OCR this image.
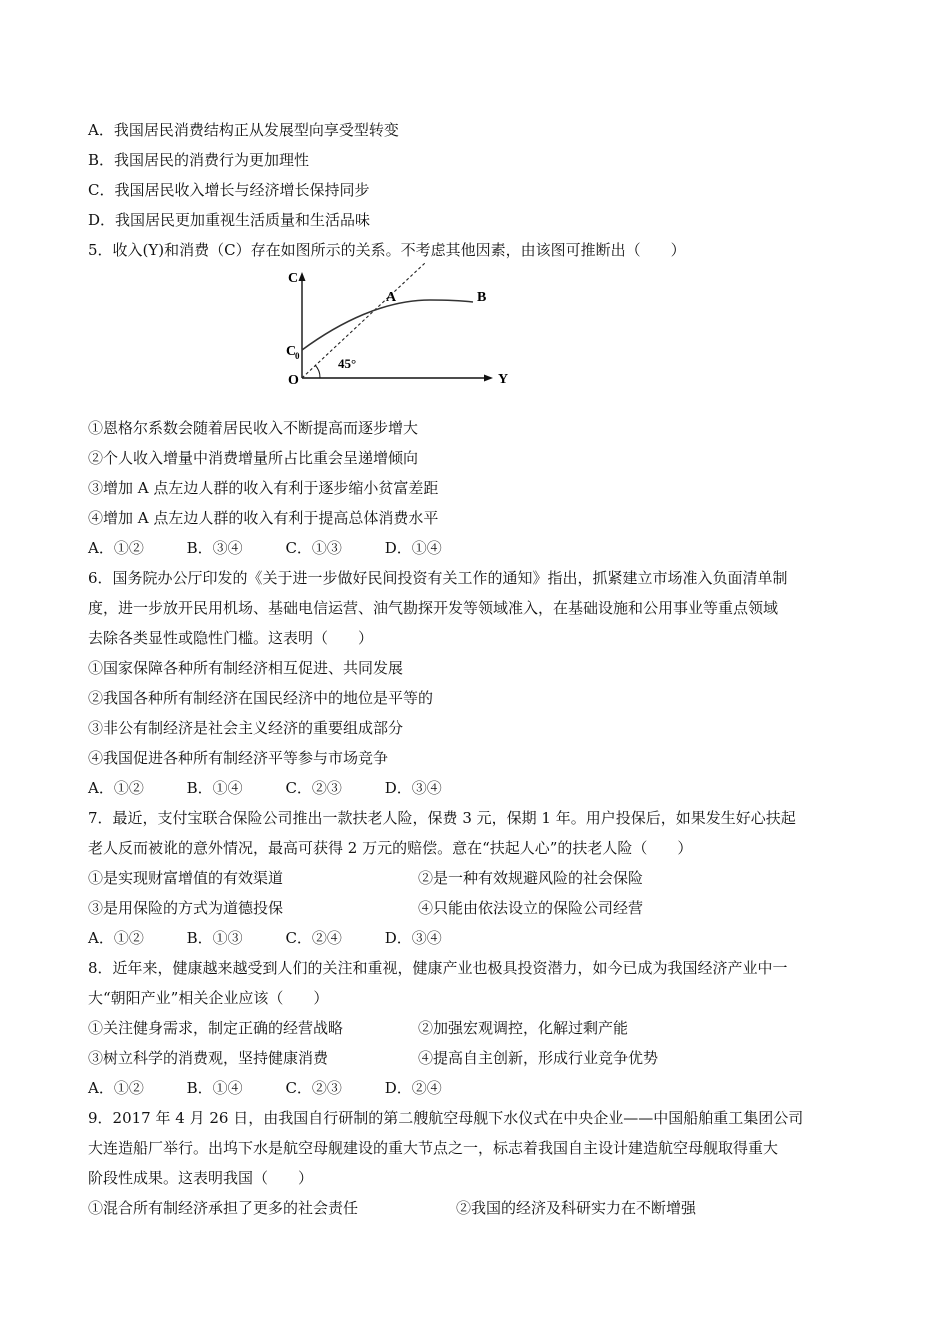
A．我国居民消费结构正从发展型向享受型转变
B．我国居民的消费行为更加理性
C．我国居民收入增长与经济增长保持同步
D．我国居民更加重视生活质量和生活品味
5．收入(Y)和消费（C）存在如图所示的关系。不考虑其他因素，由该图可推断出（　　）
C
Y
O
C
0
A	B
45°
①恩格尔系数会随着居民收入不断提高而逐步增大
②个人收入增量中消费增量所占比重会呈递增倾向
③增加 A 点左边人群的收入有利于逐步缩小贫富差距
④增加 A 点左边人群的收入有利于提高总体消费水平
A．①②	B．③④	C．①③	D．①④
6．国务院办公厅印发的《关于进一步做好民间投资有关工作的通知》指出，抓紧建立市场准入负面清单制
度，进一步放开民用机场、基础电信运营、油气勘探开发等领域准入，在基础设施和公用事业等重点领域
去除各类显性或隐性门槛。这表明（　　）
①国家保障各种所有制经济相互促进、共同发展
②我国各种所有制经济在国民经济中的地位是平等的
③非公有制经济是社会主义经济的重要组成部分
④我国促进各种所有制经济平等参与市场竞争
A．①②	B．①④	C．②③	D．③④
7．最近，支付宝联合保险公司推出一款扶老人险，保费 3 元，保期 1 年。用户投保后，如果发生好心扶起
老人反而被讹的意外情况，最高可获得 2 万元的赔偿。意在“扶起人心”的扶老人险（　　）
①是实现财富增值的有效渠道	②是一种有效规避风险的社会保险
③是用保险的方式为道德投保	④只能由依法设立的保险公司经营
A．①②	B．①③	C．②④	D．③④
8．近年来，健康越来越受到人们的关注和重视，健康产业也极具投资潜力，如今已成为我国经济产业中一
大“朝阳产业”相关企业应该（　　）
①关注健身需求，制定正确的经营战略	②加强宏观调控，化解过剩产能
③树立科学的消费观，坚持健康消费	④提高自主创新，形成行业竞争优势
A．①②	B．①④	C．②③	D．②④
9．2017 年 4 月 26 日，由我国自行研制的第二艘航空母舰下水仪式在中央企业——中国船舶重工集团公司
大连造船厂举行。出坞下水是航空母舰建设的重大节点之一，标志着我国自主设计建造航空母舰取得重大
阶段性成果。这表明我国（　　）
①混合所有制经济承担了更多的社会责任	②我国的经济及科研实力在不断增强
